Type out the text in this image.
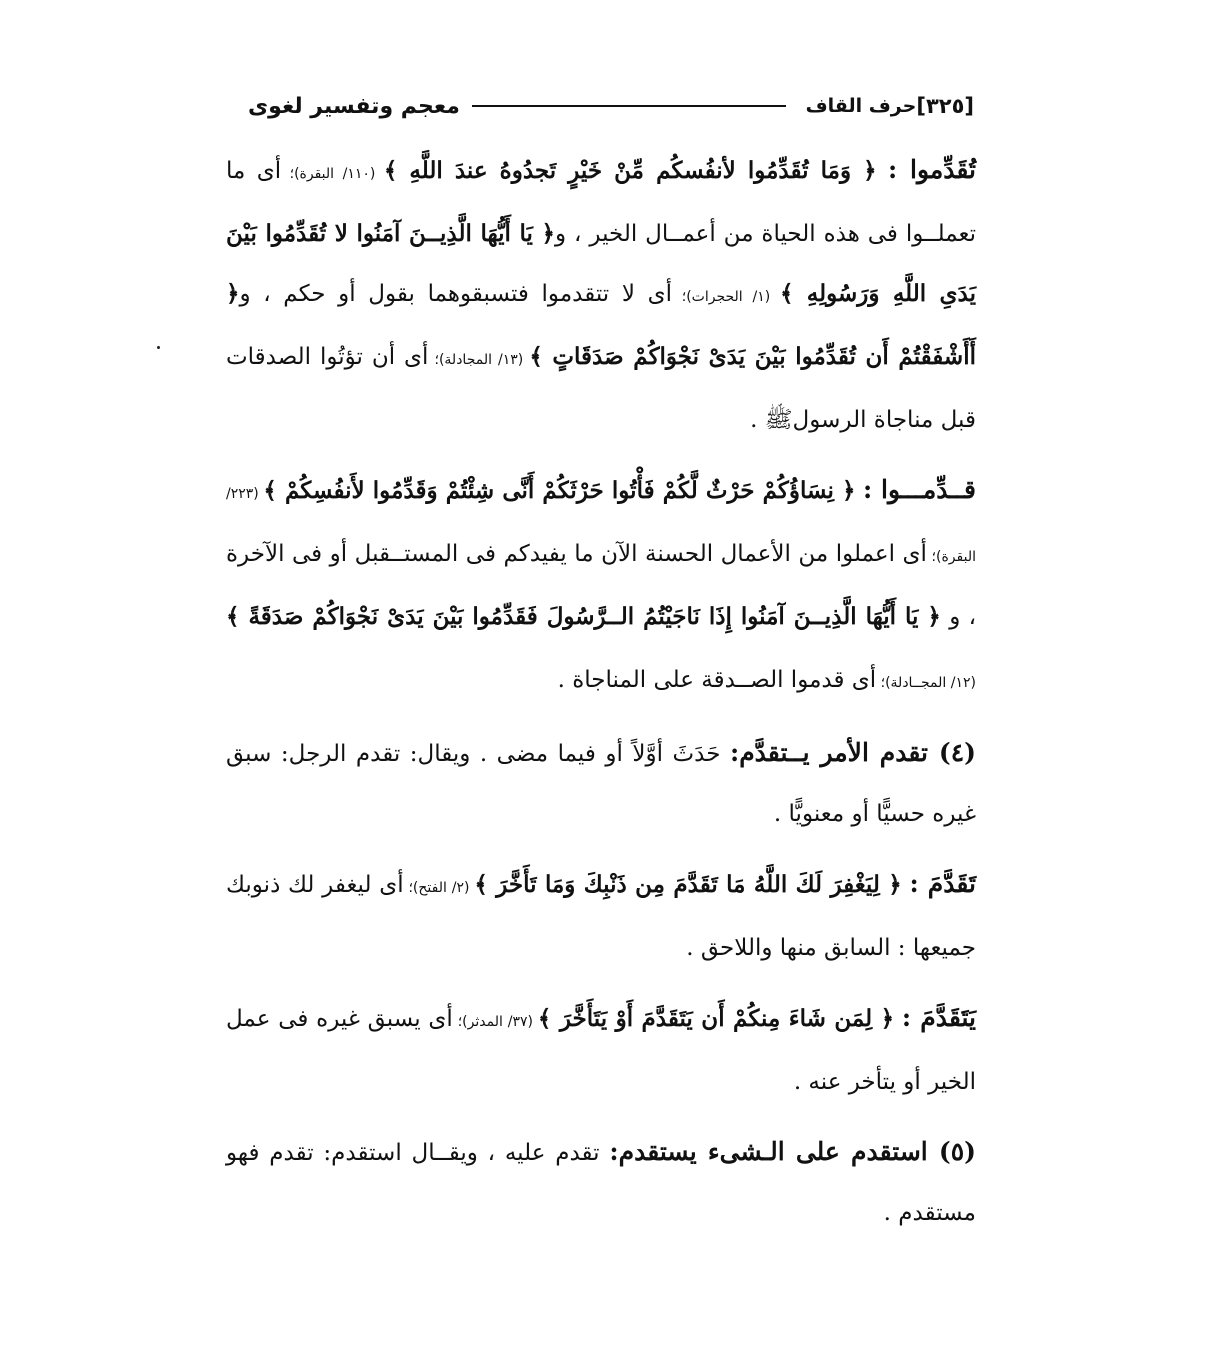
معجم وتفسير لغوى	حرف القاف [٣٢٥]

تُقَدِّموا : ﴿ وَمَا تُقَدِّمُوا لأنفُسكُم مِّنْ خَيْرٍ تَجدُوهُ عندَ اللَّهِ ﴾ (١١٠/ البقرة)؛ أى ما تعملــوا فى هذه الحياة من أعمــال الخير ، و﴿ يَا أَيُّهَا الَّذِيــنَ آمَنُوا لا تُقَدِّمُوا بَيْنَ يَدَىِ اللَّهِ وَرَسُولِهِ ﴾ (١/ الحجرات)؛ أى لا تتقدموا فتسبقوهما بقول أو حكم ، و﴿ أَأَشْفَقْتُمْ أَن تُقَدِّمُوا بَيْنَ يَدَىْ نَجْوَاكُمْ صَدَقَاتٍ ﴾ (١٣/ المجادلة)؛ أى أن تؤتُوا الصدقات قبل مناجاة الرسولﷺ .

قــدِّمـــوا : ﴿ نِسَاؤُكُمْ حَرْثٌ لَّكُمْ فَأْتُوا حَرْثَكُمْ أَنَّى شِئْتُمْ وَقَدِّمُوا لأَنفُسِكُمْ ﴾ (٢٢٣/ البقرة)؛ أى اعملوا من الأعمال الحسنة الآن ما يفيدكم فى المستــقبل أو فى الآخرة ، و ﴿ يَا أَيُّهَا الَّذِيــنَ آمَنُوا إِذَا نَاجَيْتُمُ الــرَّسُولَ فَقَدِّمُوا بَيْنَ يَدَىْ نَجْوَاكُمْ صَدَقَةً ﴾ (١٢/ المجــادلة)؛ أى قدموا الصــدقة على المناجاة .

(٤) تقدم الأمر يــتقدَّم: حَدَثَ أوَّلاً أو فيما مضى . ويقال: تقدم الرجل: سبق غيره حسيًّا أو معنويًّا .

تَقَدَّمَ : ﴿ لِيَغْفِرَ لَكَ اللَّهُ مَا تَقَدَّمَ مِن ذَنْبِكَ وَمَا تَأَخَّرَ ﴾ (٢/ الفتح)؛ أى ليغفر لك ذنوبك جميعها : السابق منها واللاحق .

يَتَقَدَّمَ : ﴿ لِمَن شَاءَ مِنكُمْ أَن يَتَقَدَّمَ أَوْ يَتَأَخَّرَ ﴾ (٣٧/ المدثر)؛ أى يسبق غيره فى عمل الخير أو يتأخر عنه .

(٥) استقدم على الـشىء يستقدم: تقدم عليه ، ويقــال استقدم: تقدم فهو مستقدم .
